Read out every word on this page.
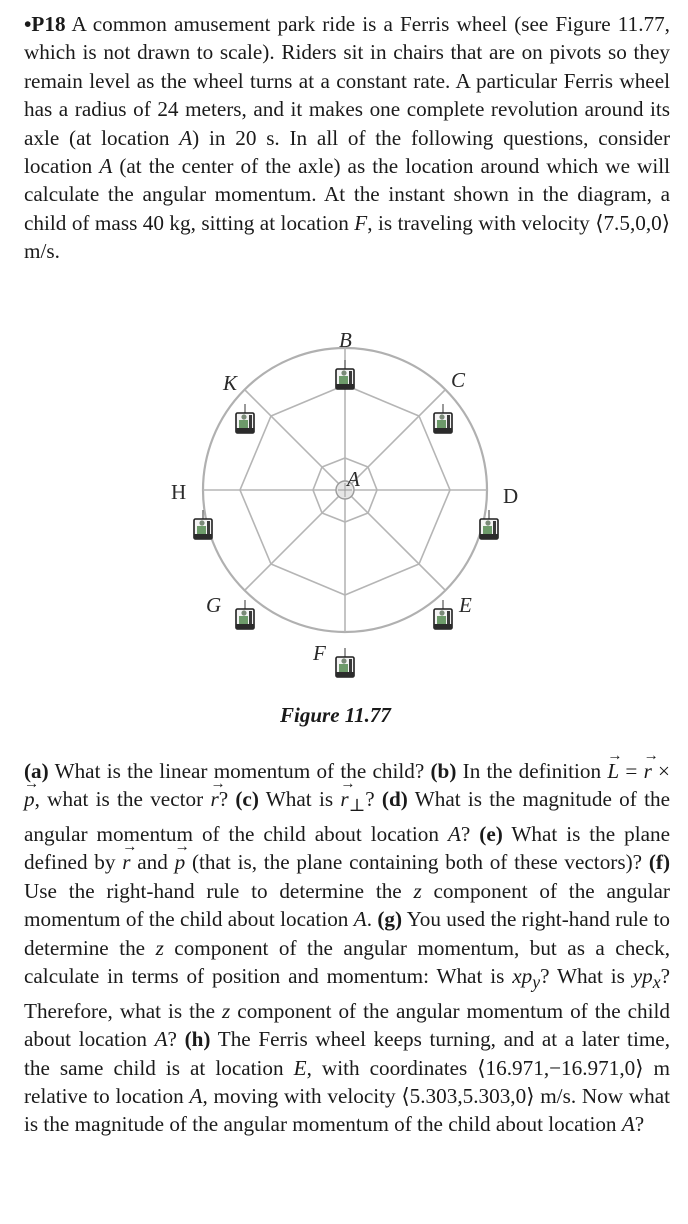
•P18 A common amusement park ride is a Ferris wheel (see Figure 11.77, which is not drawn to scale). Riders sit in chairs that are on pivots so they remain level as the wheel turns at a constant rate. A particular Ferris wheel has a radius of 24 meters, and it makes one complete revolution around its axle (at location A) in 20 s. In all of the following questions, consider location A (at the center of the axle) as the location around which we will calculate the angular momentum. At the instant shown in the diagram, a child of mass 40 kg, sitting at location F, is traveling with velocity ⟨7.5,0,0⟩ m/s.
A
B
C
D
E
F
G
H
K
Figure 11.77
(a) What is the linear momentum of the child? (b) In the definition → L = → r × → p, what is the vector → r? (c) What is → $r_\perp$? (d) What is the magnitude of the angular momentum of the child about location A? (e) What is the plane defined by → r and → p (that is, the plane containing both of these vectors)? (f) Use the right-hand rule to determine the z component of the angular momentum of the child about location A. (g) You used the right-hand rule to determine the z component of the angular momentum, but as a check, calculate in terms of position and momentum: What is $xp_y$? What is $yp_x$? Therefore, what is the z component of the angular momentum of the child about location A? (h) The Ferris wheel keeps turning, and at a later time, the same child is at location E, with coordinates ⟨16.971,−16.971,0⟩ m relative to location A, moving with velocity ⟨5.303,5.303,0⟩ m/s. Now what is the magnitude of the angular momentum of the child about location A?
